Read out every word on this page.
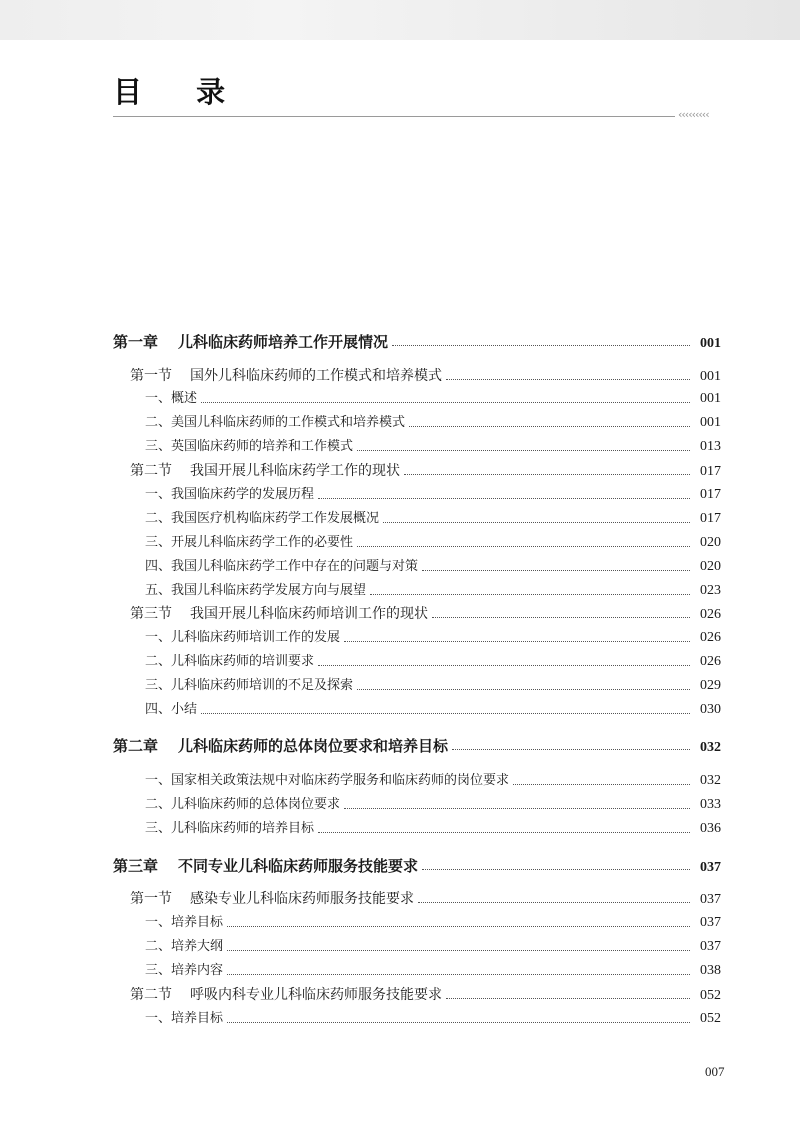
目 录
‹‹‹‹‹‹‹‹‹
第一章 儿科临床药师培养工作开展情况	001
第一节 国外儿科临床药师的工作模式和培养模式	001
一、概述	001
二、美国儿科临床药师的工作模式和培养模式	001
三、英国临床药师的培养和工作模式	013
第二节 我国开展儿科临床药学工作的现状	017
一、我国临床药学的发展历程	017
二、我国医疗机构临床药学工作发展概况	017
三、开展儿科临床药学工作的必要性	020
四、我国儿科临床药学工作中存在的问题与对策	020
五、我国儿科临床药学发展方向与展望	023
第三节 我国开展儿科临床药师培训工作的现状	026
一、儿科临床药师培训工作的发展	026
二、儿科临床药师的培训要求	026
三、儿科临床药师培训的不足及探索	029
四、小结	030
第二章 儿科临床药师的总体岗位要求和培养目标	032
一、国家相关政策法规中对临床药学服务和临床药师的岗位要求	032
二、儿科临床药师的总体岗位要求	033
三、儿科临床药师的培养目标	036
第三章 不同专业儿科临床药师服务技能要求	037
第一节 感染专业儿科临床药师服务技能要求	037
一、培养目标	037
二、培养大纲	037
三、培养内容	038
第二节 呼吸内科专业儿科临床药师服务技能要求	052
一、培养目标	052
007
